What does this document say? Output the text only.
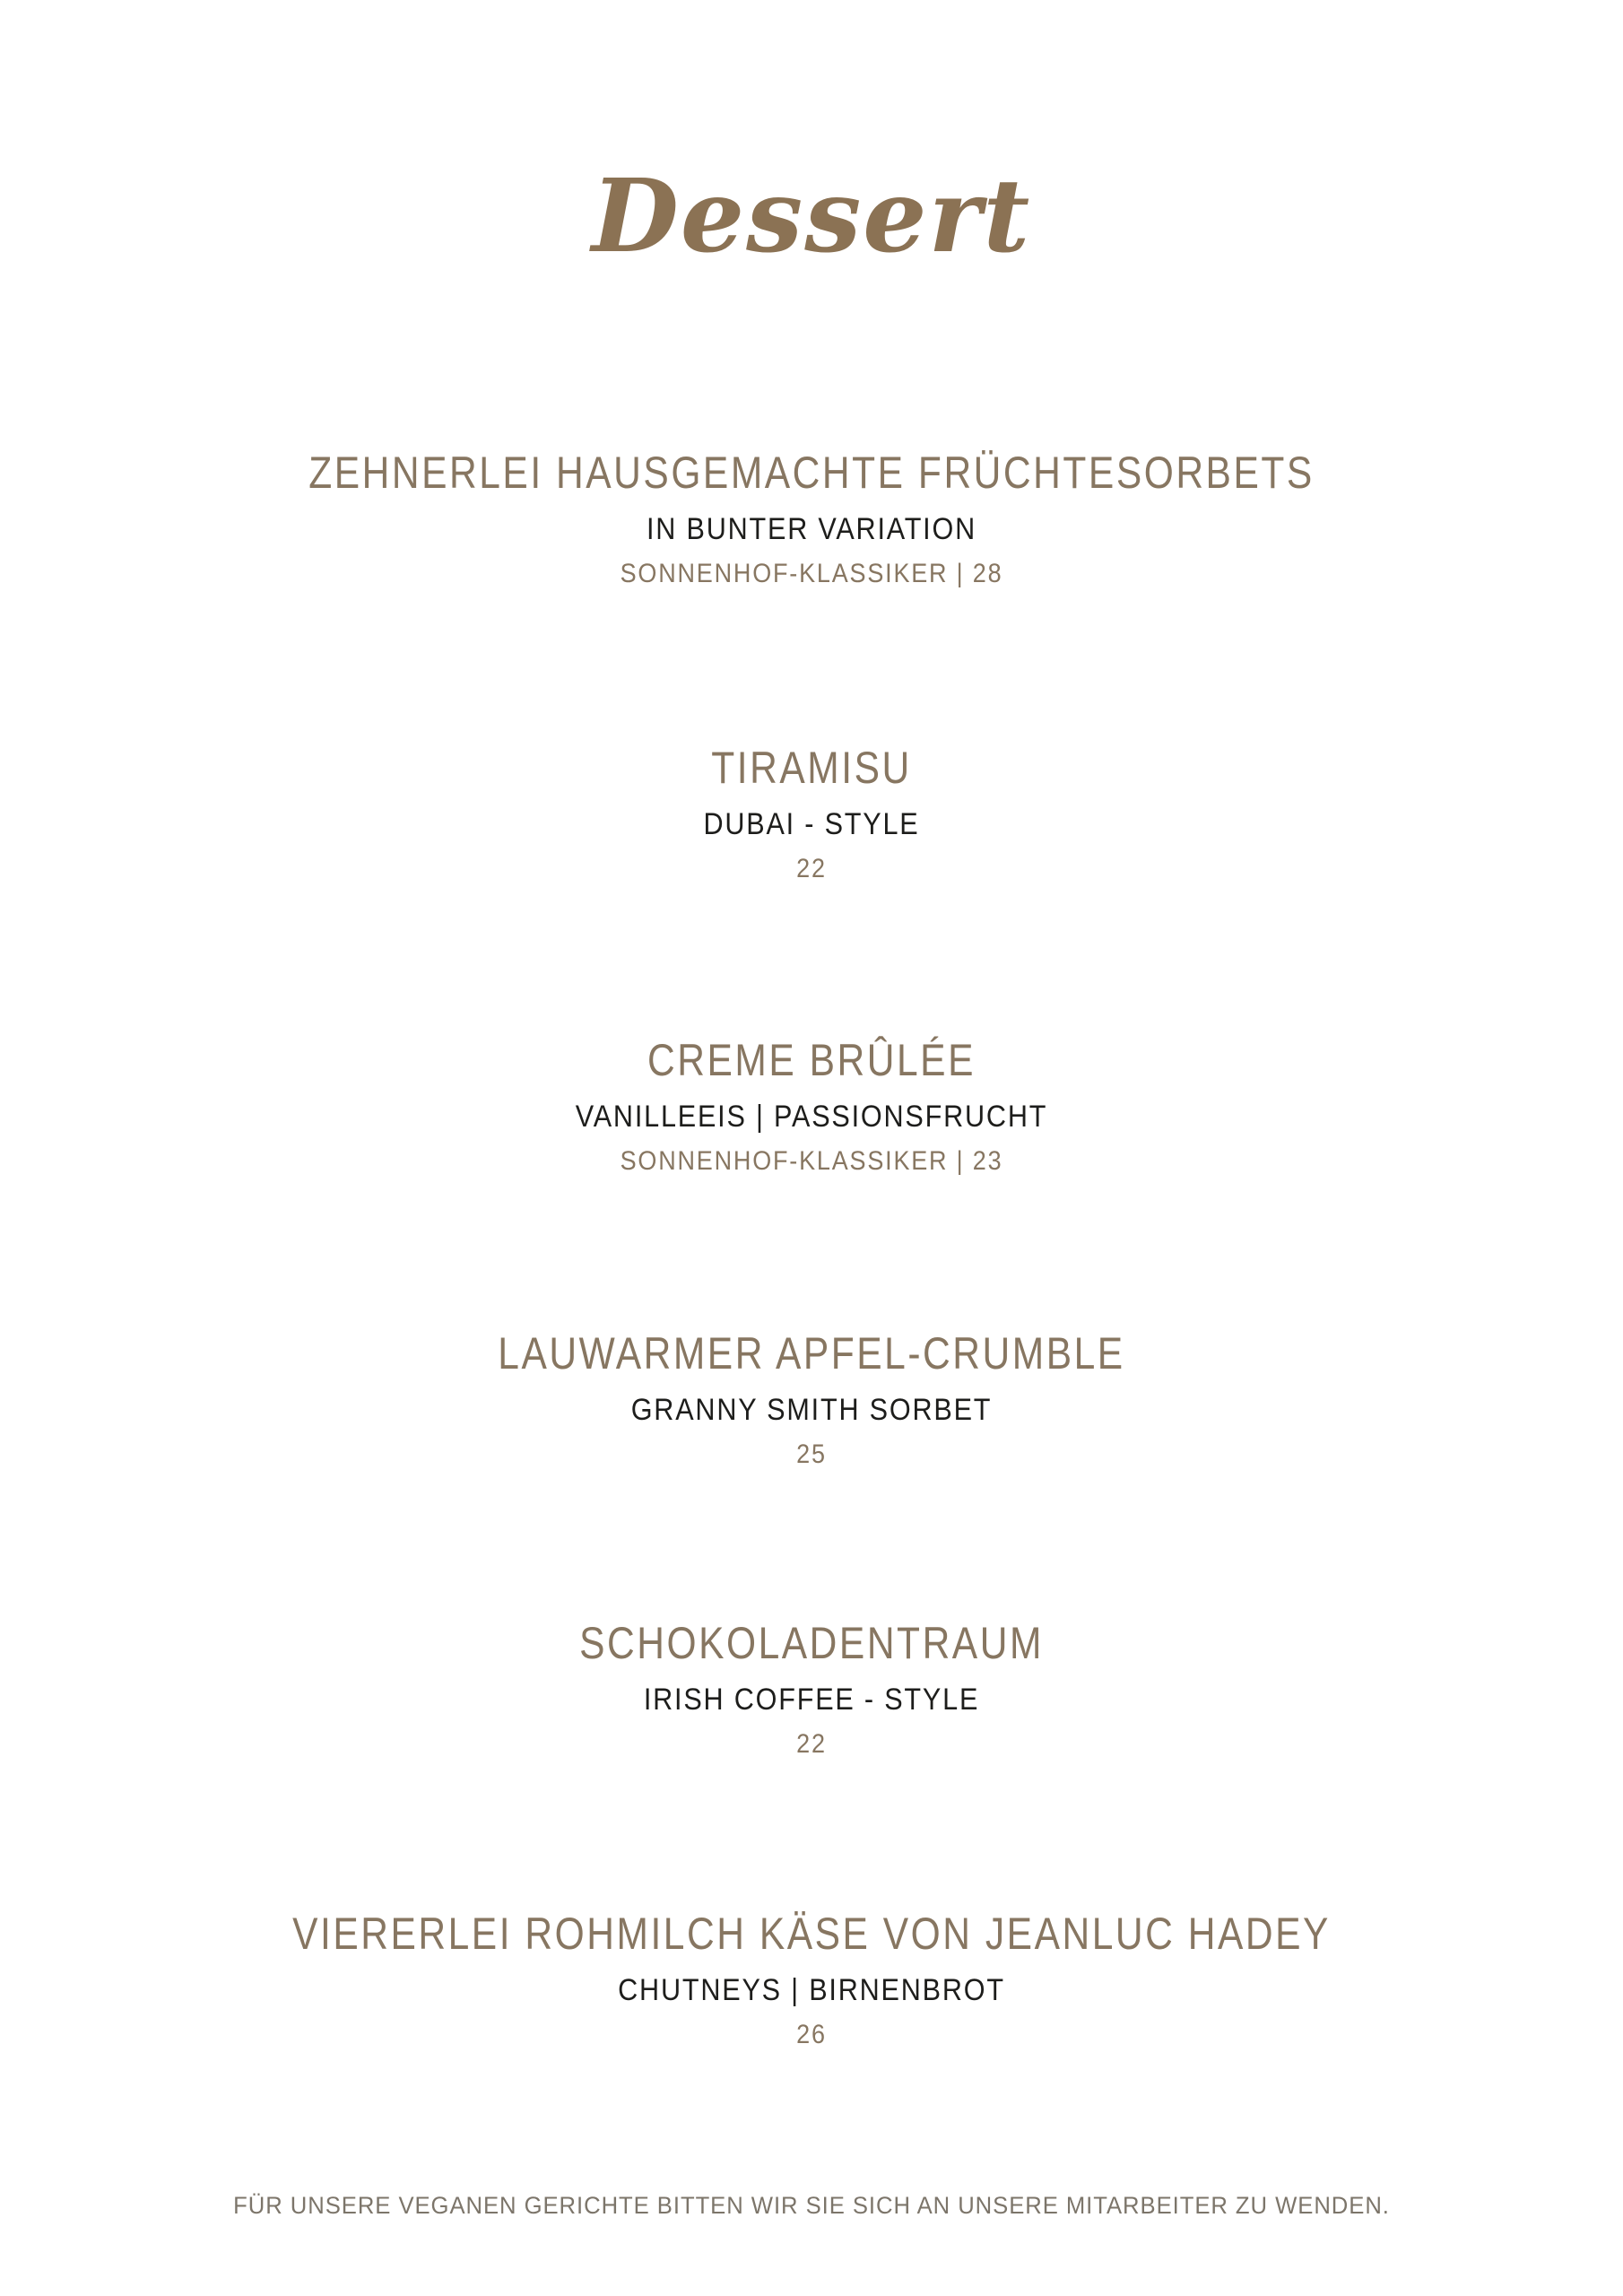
Dessert
ZEHNERLEI HAUSGEMACHTE FRÜCHTESORBETS
IN BUNTER VARIATION
SONNENHOF-KLASSIKER | 28
TIRAMISU
DUBAI - STYLE
22
CREME BRÛLÉE
VANILLEEIS | PASSIONSFRUCHT
SONNENHOF-KLASSIKER | 23
LAUWARMER APFEL-CRUMBLE
GRANNY SMITH SORBET
25
SCHOKOLADENTRAUM
IRISH COFFEE - STYLE
22
VIERERLEI ROHMILCH KÄSE VON JEANLUC HADEY
CHUTNEYS | BIRNENBROT
26
FÜR UNSERE VEGANEN GERICHTE BITTEN WIR SIE SICH AN UNSERE MITARBEITER ZU WENDEN.
